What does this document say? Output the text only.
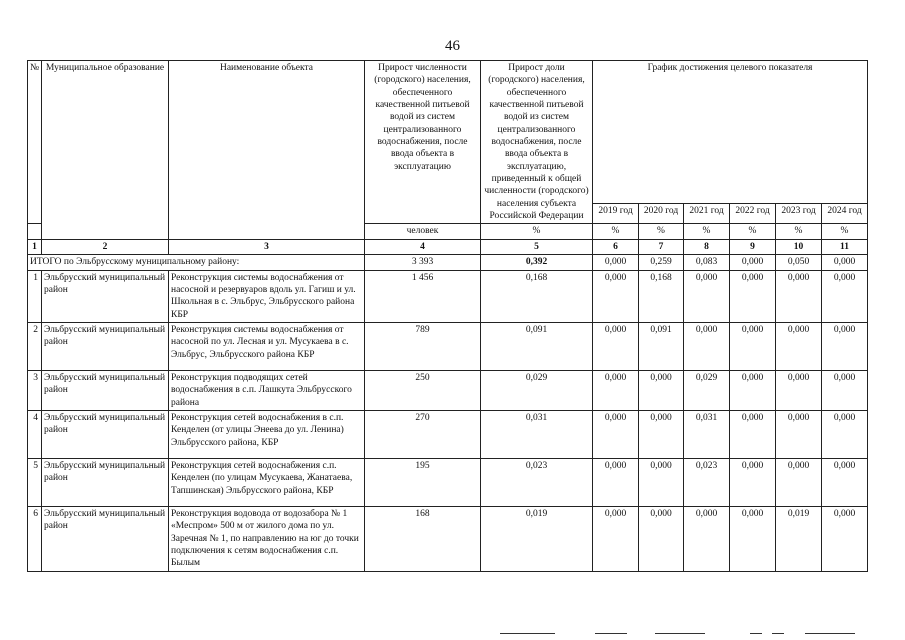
46
№	Муниципальное образование	Наименование объекта	Прирост численности (городского) населения, обеспеченного качественной питьевой водой из систем централизованного водоснабжения, после ввода объекта в эксплуатацию	Прирост доли (городского) населения, обеспеченного качественной питьевой водой из систем централизованного водоснабжения, после ввода объекта в эксплуатацию, приведенный к общей численности (городского) населения субъекта Российской Федерации	График достижения целевого показателя					
					2019 год	2020 год	2021 год	2022 год	2023 год	2024 год
			человек	%	%	%	%	%	%	%
1	2	3	4	5	6	7	8	9	10	11
ИТОГО по Эльбрусскому муниципальному району:			3 393	0,392	0,000	0,259	0,083	0,000	0,050	0,000
1	Эльбрусский муниципальный район	Реконструкция системы водоснабжения от насосной и резервуаров вдоль ул. Гагиш и ул. Школьная в с. Эльбрус, Эльбрусского района КБР	1 456	0,168	0,000	0,168	0,000	0,000	0,000	0,000
2	Эльбрусский муниципальный район	Реконструкция системы водоснабжения от насосной по ул. Лесная и ул. Мусукаева в с. Эльбрус, Эльбрусского района КБР	789	0,091	0,000	0,091	0,000	0,000	0,000	0,000
3	Эльбрусский муниципальный район	Реконструкция подводящих сетей водоснабжения в с.п. Лашкута Эльбрусского района	250	0,029	0,000	0,000	0,029	0,000	0,000	0,000
4	Эльбрусский муниципальный район	Реконструкция сетей водоснабжения в с.п. Кенделен (от улицы Энеева до ул. Ленина) Эльбрусского района, КБР	270	0,031	0,000	0,000	0,031	0,000	0,000	0,000
5	Эльбрусский муниципальный район	Реконструкция сетей водоснабжения с.п. Кенделен (по улицам Мусукаева, Жанатаева, Тапшинская) Эльбрусского района, КБР	195	0,023	0,000	0,000	0,023	0,000	0,000	0,000
6	Эльбрусский муниципальный район	Реконструкция водовода от водозабора № 1 «Меспром» 500 м от жилого дома по ул. Заречная № 1, по направлению на юг до точки подключения к сетям водоснабжения с.п. Былым	168	0,019	0,000	0,000	0,000	0,000	0,019	0,000
